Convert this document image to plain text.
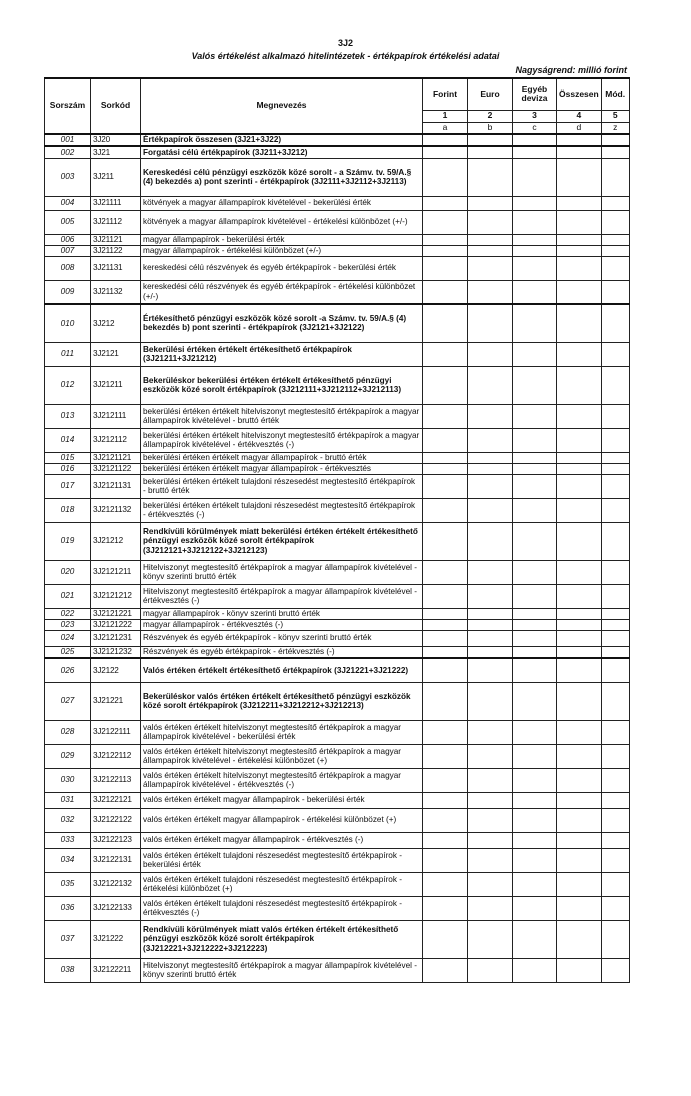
3J2
Valós értékelést alkalmazó hitelintézetek - értékpapírok értékelési adatai
Nagyságrend: millió forint
Sorszám	Sorkód	Megnevezés	Forint	Euro	Egyéb deviza	Összesen	Mód.
			1	2	3	4	5
			a	b	c	d	z
001	3J20	Értékpapírok összesen (3J21+3J22)					
002	3J21	Forgatási célú értékpapírok (3J211+3J212)					
003	3J211	Kereskedési célú pénzügyi eszközök közé sorolt - a Számv. tv. 59/A.§ (4) bekezdés a) pont szerinti - értékpapírok (3J2111+3J2112+3J2113)					
004	3J21111	kötvények a magyar állampapírok kivételével - bekerülési érték					
005	3J21112	kötvények a magyar állampapírok kivételével - értékelési különbözet (+/-)					
006	3J21121	magyar állampapírok - bekerülési érték					
007	3J21122	magyar állampapírok - értékelési különbözet (+/-)					
008	3J21131	kereskedési célú részvények és egyéb értékpapírok - bekerülési érték					
009	3J21132	kereskedési célú részvények és egyéb értékpapírok - értékelési különbözet (+/-)					
010	3J212	Értékesíthető pénzügyi eszközök közé sorolt -a Számv. tv. 59/A.§ (4) bekezdés b) pont szerinti - értékpapírok (3J2121+3J2122)					
011	3J2121	Bekerülési értéken értékelt értékesíthető értékpapírok (3J21211+3J21212)					
012	3J21211	Bekerüléskor bekerülési értéken értékelt értékesíthető pénzügyi eszközök közé sorolt értékpapírok (3J212111+3J212112+3J212113)					
013	3J212111	bekerülési értéken értékelt hitelviszonyt megtestesítő értékpapírok a magyar állampapírok kivételével - bruttó érték					
014	3J212112	bekerülési értéken értékelt hitelviszonyt megtestesítő értékpapírok a magyar állampapírok kivételével - értékvesztés (-)					
015	3J2121121	bekerülési értéken értékelt magyar állampapírok - bruttó érték					
016	3J2121122	bekerülési értéken értékelt magyar állampapírok - értékvesztés					
017	3J2121131	bekerülési értéken értékelt tulajdoni részesedést megtestesítő értékpapírok - bruttó érték					
018	3J2121132	bekerülési értéken értékelt tulajdoni részesedést megtestesítő értékpapírok - értékvesztés (-)					
019	3J21212	Rendkívüli körülmények miatt bekerülési értéken értékelt értékesíthető pénzügyi eszközök közé sorolt értékpapírok (3J212121+3J212122+3J212123)					
020	3J2121211	Hitelviszonyt megtestesítő értékpapírok a magyar állampapírok kivételével - könyv szerinti bruttó érték					
021	3J2121212	Hitelviszonyt megtestesítő értékpapírok a magyar állampapírok kivételével - értékvesztés (-)					
022	3J2121221	magyar állampapírok - könyv szerinti bruttó érték					
023	3J2121222	magyar állampapírok - értékvesztés (-)					
024	3J2121231	Részvények és egyéb értékpapírok - könyv szerinti bruttó érték					
025	3J2121232	Részvények és egyéb értékpapírok - értékvesztés (-)					
026	3J2122	Valós értéken értékelt értékesíthető értékpapírok (3J21221+3J21222)					
027	3J21221	Bekerüléskor valós értéken értékelt értékesíthető pénzügyi eszközök közé sorolt értékpapírok (3J212211+3J212212+3J212213)					
028	3J2122111	valós értéken értékelt hitelviszonyt megtestesítő értékpapírok a magyar állampapírok kivételével - bekerülési érték					
029	3J2122112	valós értéken értékelt hitelviszonyt megtestesítő értékpapírok a magyar állampapírok kivételével - értékelési különbözet (+)					
030	3J2122113	valós értéken értékelt hitelviszonyt megtestesítő értékpapírok a magyar állampapírok kivételével - értékvesztés (-)					
031	3J2122121	valós értéken értékelt magyar állampapírok - bekerülési érték					
032	3J2122122	valós értéken értékelt magyar állampapírok - értékelési különbözet (+)					
033	3J2122123	valós értéken értékelt magyar állampapírok - értékvesztés (-)					
034	3J2122131	valós értéken értékelt tulajdoni részesedést megtestesítő értékpapírok - bekerülési érték					
035	3J2122132	valós értéken értékelt tulajdoni részesedést megtestesítő értékpapírok - értékelési különbözet (+)					
036	3J2122133	valós értéken értékelt tulajdoni részesedést megtestesítő értékpapírok - értékvesztés (-)					
037	3J21222	Rendkívüli körülmények miatt valós értéken értékelt értékesíthető pénzügyi eszközök közé sorolt értékpapírok (3J212221+3J212222+3J212223)					
038	3J2122211	Hitelviszonyt megtestesítő értékpapírok a magyar állampapírok kivételével - könyv szerinti bruttó érték					
